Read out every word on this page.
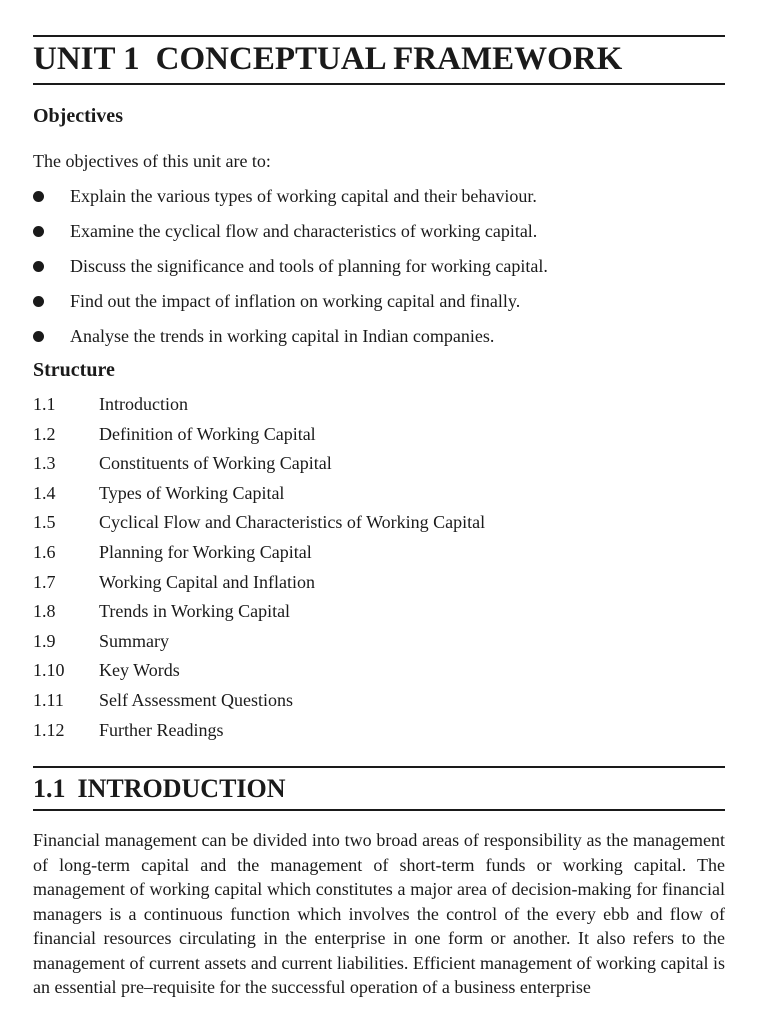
UNIT 1 CONCEPTUAL FRAMEWORK
Objectives

The objectives of this unit are to:

Explain the various types of working capital and their behaviour.
Examine the cyclical flow and characteristics of working capital.
Discuss the significance and tools of planning for working capital.
Find out the impact of inflation on working capital and finally.
Analyse the trends in working capital in Indian companies.
Structure
1.1	Introduction
1.2	Definition of Working Capital
1.3	Constituents of Working Capital
1.4	Types of Working Capital
1.5	Cyclical Flow and Characteristics of Working Capital
1.6	Planning for Working Capital
1.7	Working Capital and Inflation
1.8	Trends in Working Capital
1.9	Summary
1.10	Key Words
1.11	Self Assessment Questions
1.12	Further Readings
1.1 INTRODUCTION

Financial management can be divided into two broad areas of responsibility as the management of long-term capital and the management of short-term funds or working capital. The management of working capital which constitutes a major area of decision-making for financial managers is a continuous function which involves the control of the every ebb and flow of financial resources circulating in the enterprise in one form or another. It also refers to the management of current assets and current liabilities. Efficient management of working capital is an essential pre–requisite for the successful operation of a business enterprise
